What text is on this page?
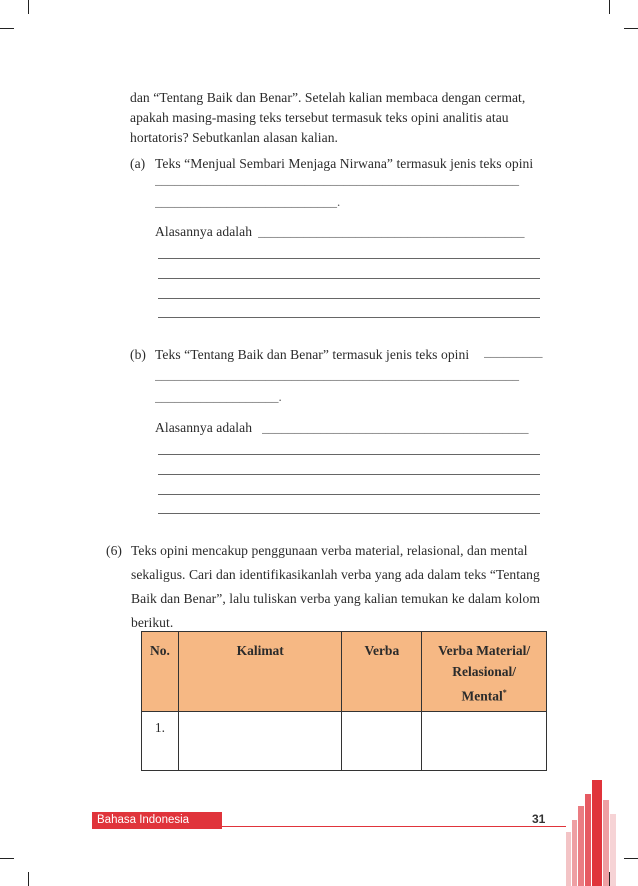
dan “Tentang Baik dan Benar”. Setelah kalian membaca dengan cermat,
apakah masing-masing teks tersebut termasuk teks opini analitis atau
hortatoris? Sebutkanlan alasan kalian.
(a) Teks “Menjual Sembari Menjaga Nirwana” termasuk jenis teks opini
________________________________________________________
____________________________.
Alasannya adalah _________________________________________
(b) Teks “Tentang Baik dan Benar” termasuk jenis teks opini _________
________________________________________________________
___________________.
Alasannya adalah _________________________________________
(6) Teks opini mencakup penggunaan verba material, relasional, dan mental
sekaligus. Cari dan identifikasikanlah verba yang ada dalam teks “Tentang
Baik dan Benar”, lalu tuliskan verba yang kalian temukan ke dalam kolom
berikut.
No.	Kalimat	Verba	Verba Material/
Relasional/
Mental*
1.			
Bahasa Indonesia	31
